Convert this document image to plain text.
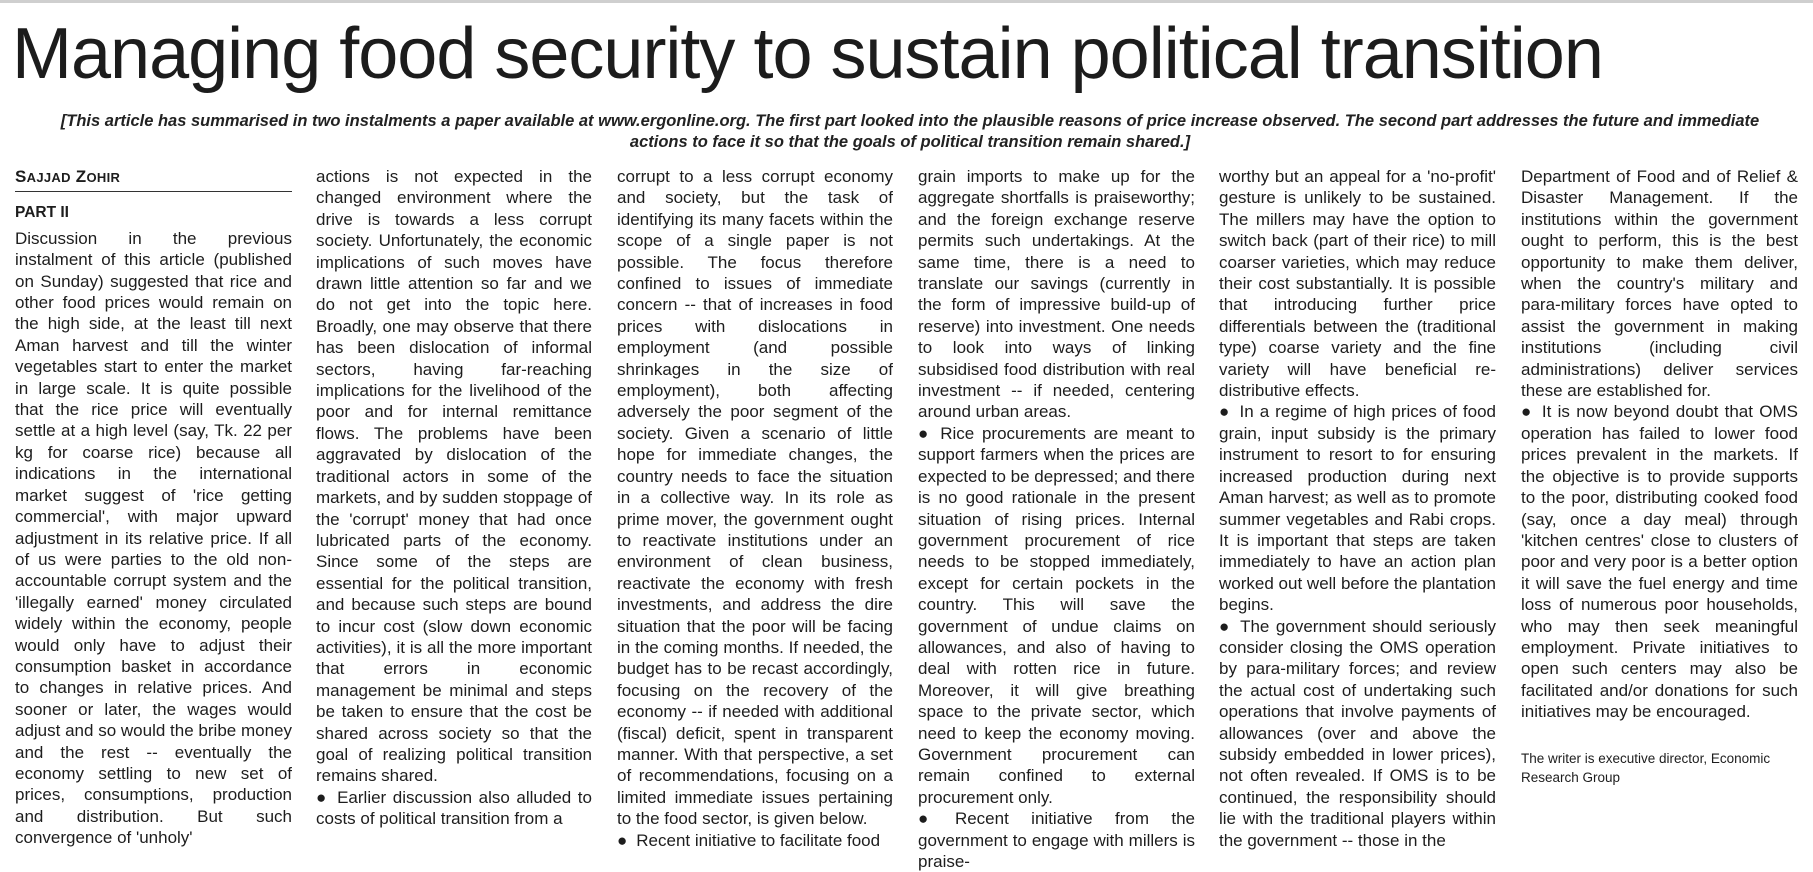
Managing food security to sustain political transition
[This article has summarised in two instalments a paper available at www.ergonline.org. The first part looked into the plausible reasons of price increase observed. The second part addresses the future and immediate actions to face it so that the goals of political transition remain shared.]

SAJJAD ZOHIR

PART II

Discussion in the previous instalment of this article (published on Sunday) suggested that rice and other food prices would remain on the high side, at the least till next Aman harvest and till the winter vegetables start to enter the market in large scale. It is quite possible that the rice price will eventually settle at a high level (say, Tk. 22 per kg for coarse rice) because all indications in the international market suggest of 'rice getting commercial', with major upward adjustment in its relative price. If all of us were parties to the old non-accountable corrupt system and the 'illegally earned' money circulated widely within the economy, people would only have to adjust their consumption basket in accordance to changes in relative prices. And sooner or later, the wages would adjust and so would the bribe money and the rest -- eventually the economy settling to new set of prices, consumptions, production and distribution. But such convergence of 'unholy'

actions is not expected in the changed environment where the drive is towards a less corrupt society. Unfortunately, the economic implications of such moves have drawn little attention so far and we do not get into the topic here. Broadly, one may observe that there has been dislocation of informal sectors, having far-reaching implications for the livelihood of the poor and for internal remittance flows. The problems have been aggravated by dislocation of the traditional actors in some of the markets, and by sudden stoppage of the 'corrupt' money that had once lubricated parts of the economy. Since some of the steps are essential for the political transition, and because such steps are bound to incur cost (slow down economic activities), it is all the more important that errors in economic management be minimal and steps be taken to ensure that the cost be shared across society so that the goal of realizing political transition remains shared.

● Earlier discussion also alluded to costs of political transition from a

corrupt to a less corrupt economy and society, but the task of identifying its many facets within the scope of a single paper is not possible. The focus therefore confined to issues of immediate concern -- that of increases in food prices with dislocations in employment (and possible shrinkages in the size of employment), both affecting adversely the poor segment of the society. Given a scenario of little hope for immediate changes, the country needs to face the situation in a collective way. In its role as prime mover, the government ought to reactivate institutions under an environment of clean business, reactivate the economy with fresh investments, and address the dire situation that the poor will be facing in the coming months. If needed, the budget has to be recast accordingly, focusing on the recovery of the economy -- if needed with additional (fiscal) deficit, spent in transparent manner. With that perspective, a set of recommendations, focusing on a limited immediate issues pertaining to the food sector, is given below.

● Recent initiative to facilitate food

grain imports to make up for the aggregate shortfalls is praiseworthy; and the foreign exchange reserve permits such undertakings. At the same time, there is a need to translate our savings (currently in the form of impressive build-up of reserve) into investment. One needs to look into ways of linking subsidised food distribution with real investment -- if needed, centering around urban areas.

● Rice procurements are meant to support farmers when the prices are expected to be depressed; and there is no good rationale in the present situation of rising prices. Internal government procurement of rice needs to be stopped immediately, except for certain pockets in the country. This will save the government of undue claims on allowances, and also of having to deal with rotten rice in future. Moreover, it will give breathing space to the private sector, which need to keep the economy moving. Government procurement can remain confined to external procurement only.

● Recent initiative from the government to engage with millers is praise-

worthy but an appeal for a 'no-profit' gesture is unlikely to be sustained. The millers may have the option to switch back (part of their rice) to mill coarser varieties, which may reduce their cost substantially. It is possible that introducing further price differentials between the (traditional type) coarse variety and the fine variety will have beneficial re-distributive effects.

● In a regime of high prices of food grain, input subsidy is the primary instrument to resort to for ensuring increased production during next Aman harvest; as well as to promote summer vegetables and Rabi crops. It is important that steps are taken immediately to have an action plan worked out well before the plantation begins.

● The government should seriously consider closing the OMS operation by para-military forces; and review the actual cost of undertaking such operations that involve payments of allowances (over and above the subsidy embedded in lower prices), not often revealed. If OMS is to be continued, the responsibility should lie with the traditional players within the government -- those in the

Department of Food and of Relief & Disaster Management. If the institutions within the government ought to perform, this is the best opportunity to make them deliver, when the country's military and para-military forces have opted to assist the government in making institutions (including civil administrations) deliver services these are established for.

● It is now beyond doubt that OMS operation has failed to lower food prices prevalent in the markets. If the objective is to provide supports to the poor, distributing cooked food (say, once a day meal) through 'kitchen centres' close to clusters of poor and very poor is a better option it will save the fuel energy and time loss of numerous poor households, who may then seek meaningful employment. Private initiatives to open such centers may also be facilitated and/or donations for such initiatives may be encouraged.

The writer is executive director, Economic Research Group
